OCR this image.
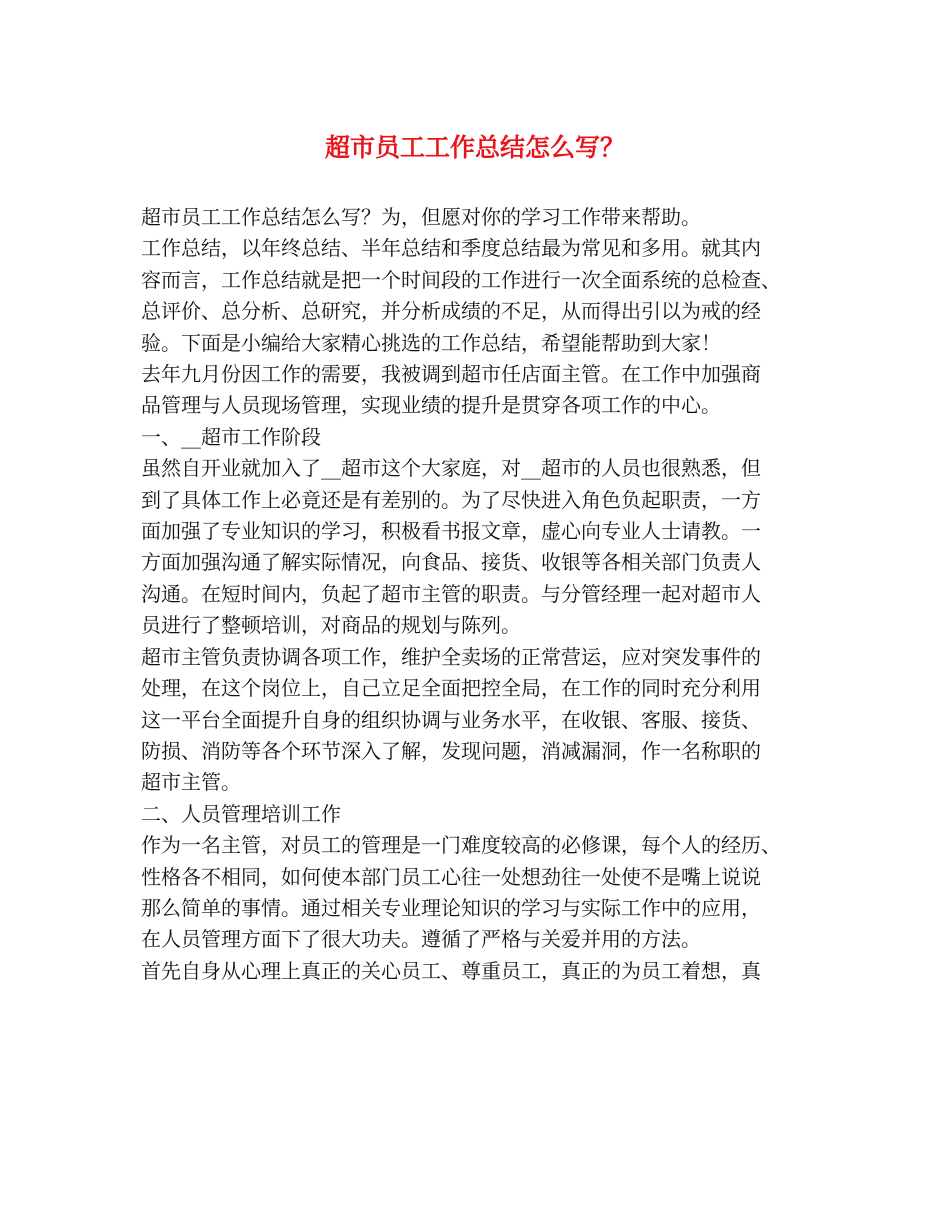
超市员工工作总结怎么写？

超市员工工作总结怎么写？为，但愿对你的学习工作带来帮助。

工作总结，以年终总结、半年总结和季度总结最为常见和多用。就其内

容而言，工作总结就是把一个时间段的工作进行一次全面系统的总检查、

总评价、总分析、总研究，并分析成绩的不足，从而得出引以为戒的经

验。下面是小编给大家精心挑选的工作总结，希望能帮助到大家！

去年九月份因工作的需要，我被调到超市任店面主管。在工作中加强商

品管理与人员现场管理，实现业绩的提升是贯穿各项工作的中心。

一、__超市工作阶段

虽然自开业就加入了__超市这个大家庭，对__超市的人员也很熟悉，但

到了具体工作上必竟还是有差别的。为了尽快进入角色负起职责，一方

面加强了专业知识的学习，积极看书报文章，虚心向专业人士请教。一

方面加强沟通了解实际情况，向食品、接货、收银等各相关部门负责人

沟通。在短时间内，负起了超市主管的职责。与分管经理一起对超市人

员进行了整顿培训，对商品的规划与陈列。

超市主管负责协调各项工作，维护全卖场的正常营运，应对突发事件的

处理，在这个岗位上，自己立足全面把控全局，在工作的同时充分利用

这一平台全面提升自身的组织协调与业务水平，在收银、客服、接货、

防损、消防等各个环节深入了解，发现问题，消减漏洞，作一名称职的

超市主管。

二、人员管理培训工作

作为一名主管，对员工的管理是一门难度较高的必修课，每个人的经历、

性格各不相同，如何使本部门员工心往一处想劲往一处使不是嘴上说说

那么简单的事情。通过相关专业理论知识的学习与实际工作中的应用，

在人员管理方面下了很大功夫。遵循了严格与关爱并用的方法。

首先自身从心理上真正的关心员工、尊重员工，真正的为员工着想，真
